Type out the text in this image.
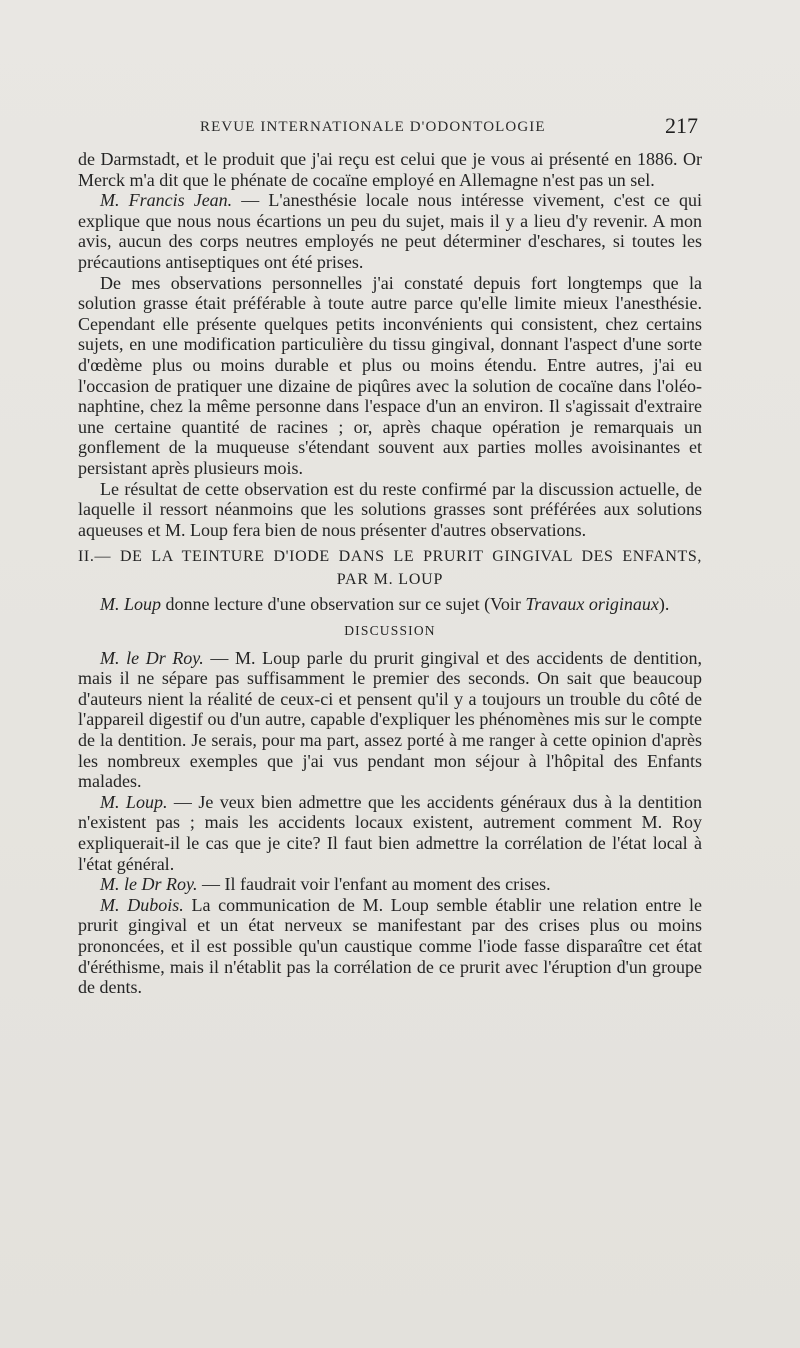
REVUE INTERNATIONALE D'ODONTOLOGIE	217

de Darmstadt, et le produit que j'ai reçu est celui que je vous ai présenté en 1886. Or Merck m'a dit que le phénate de cocaïne employé en Allemagne n'est pas un sel.

M. Francis Jean. — L'anesthésie locale nous intéresse vivement, c'est ce qui explique que nous nous écartions un peu du sujet, mais il y a lieu d'y revenir. A mon avis, aucun des corps neutres employés ne peut déterminer d'eschares, si toutes les précautions antiseptiques ont été prises.

De mes observations personnelles j'ai constaté depuis fort longtemps que la solution grasse était préférable à toute autre parce qu'elle limite mieux l'anesthésie. Cependant elle présente quelques petits inconvénients qui consistent, chez certains sujets, en une modification particulière du tissu gingival, donnant l'aspect d'une sorte d'œdème plus ou moins durable et plus ou moins étendu. Entre autres, j'ai eu l'occasion de pratiquer une dizaine de piqûres avec la solution de cocaïne dans l'oléo-naphtine, chez la même personne dans l'espace d'un an environ. Il s'agissait d'extraire une certaine quantité de racines ; or, après chaque opération je remarquais un gonflement de la muqueuse s'étendant souvent aux parties molles avoisinantes et persistant après plusieurs mois.

Le résultat de cette observation est du reste confirmé par la discussion actuelle, de laquelle il ressort néanmoins que les solutions grasses sont préférées aux solutions aqueuses et M. Loup fera bien de nous présenter d'autres observations.

II.— DE LA TEINTURE D'IODE DANS LE PRURIT GINGIVAL DES ENFANTS,
PAR M. LOUP

M. Loup donne lecture d'une observation sur ce sujet (Voir Travaux originaux).

DISCUSSION

M. le Dr Roy. — M. Loup parle du prurit gingival et des accidents de dentition, mais il ne sépare pas suffisamment le premier des seconds. On sait que beaucoup d'auteurs nient la réalité de ceux-ci et pensent qu'il y a toujours un trouble du côté de l'appareil digestif ou d'un autre, capable d'expliquer les phénomènes mis sur le compte de la dentition. Je serais, pour ma part, assez porté à me ranger à cette opinion d'après les nombreux exemples que j'ai vus pendant mon séjour à l'hôpital des Enfants malades.

M. Loup. — Je veux bien admettre que les accidents généraux dus à la dentition n'existent pas ; mais les accidents locaux existent, autrement comment M. Roy expliquerait-il le cas que je cite? Il faut bien admettre la corrélation de l'état local à l'état général.

M. le Dr Roy. — Il faudrait voir l'enfant au moment des crises.

M. Dubois. La communication de M. Loup semble établir une relation entre le prurit gingival et un état nerveux se manifestant par des crises plus ou moins prononcées, et il est possible qu'un caustique comme l'iode fasse disparaître cet état d'éréthisme, mais il n'établit pas la corrélation de ce prurit avec l'éruption d'un groupe de dents.
